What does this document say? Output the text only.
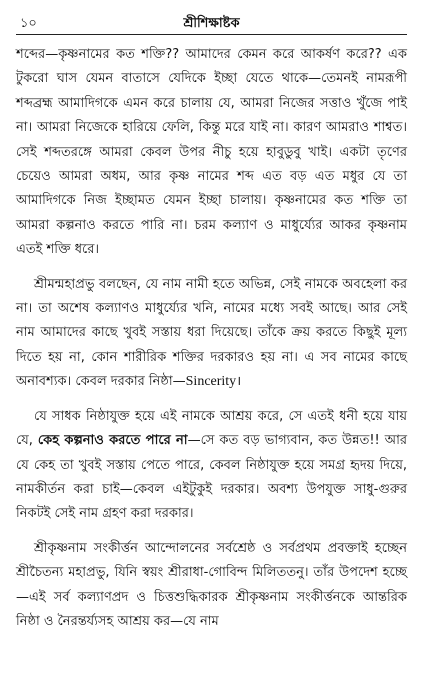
১০	শ্রীশিক্ষাষ্টক

শব্দের—কৃষ্ণনামের কত শক্তি?? আমাদের কেমন করে আকর্ষণ করে?? এক টুকরো ঘাস যেমন বাতাসে যেদিকে ইচ্ছা যেতে থাকে—তেমনই নামরূপী শব্দব্রহ্ম আমাদিগকে এমন করে চালায় যে, আমরা নিজের সত্তাও খুঁজে পাই না। আমরা নিজেকে হারিয়ে ফেলি, কিন্তু মরে যাই না। কারণ আমরাও শাশ্বত। সেই শব্দতরঙ্গে আমরা কেবল উপর নীচু হয়ে হাবুডুবু খাই। একটা তৃণের চেয়েও আমরা অধম, আর কৃষ্ণ নামের শব্দ এত বড় এত মধুর যে তা আমাদিগকে নিজ ইচ্ছামত যেমন ইচ্ছা চালায়। কৃষ্ণনামের কত শক্তি তা আমরা কল্পনাও করতে পারি না। চরম কল্যাণ ও মাধুর্য্যের আকর কৃষ্ণনাম এতই শক্তি ধরে।

শ্রীমন্মহাপ্রভু বলছেন, যে নাম নামী হতে অভিন্ন, সেই নামকে অবহেলা কর না। তা অশেষ কল্যাণও মাধুর্য্যের খনি, নামের মধ্যে সবই আছে। আর সেই নাম আমাদের কাছে খুবই সস্তায় ধরা দিয়েছে। তাঁকে ক্রয় করতে কিছুই মূল্য দিতে হয় না, কোন শারীরিক শক্তির দরকারও হয় না। এ সব নামের কাছে অনাবশ্যক। কেবল দরকার নিষ্ঠা—Sincerity।

যে সাধক নিষ্ঠাযুক্ত হয়ে এই নামকে আশ্রয় করে, সে এতই ধনী হয়ে যায় যে, কেহ কল্পনাও করতে পারে না—সে কত বড় ভাগ্যবান, কত উন্নত!! আর যে কেহ তা খুবই সস্তায় পেতে পারে, কেবল নিষ্ঠাযুক্ত হয়ে সমগ্র হৃদয় দিয়ে, নামকীর্তন করা চাই—কেবল এইটুকুই দরকার। অবশ্য উপযুক্ত সাধু-গুরুর নিকটই সেই নাম গ্রহণ করা দরকার।

শ্রীকৃষ্ণনাম সংকীর্ত্তন আন্দোলনের সর্বশ্রেষ্ঠ ও সর্বপ্রথম প্রবক্তাই হচ্ছেন শ্রীচৈতন্য মহাপ্রভু, যিনি স্বয়ং শ্রীরাধা-গোবিন্দ মিলিততনু। তাঁর উপদেশ হচ্ছে—এই সর্ব কল্যাণপ্রদ ও চিত্তশুদ্ধিকারক শ্রীকৃষ্ণনাম সংকীর্ত্তনকে আন্তরিক নিষ্ঠা ও নৈরন্তর্য্যসহ আশ্রয় কর—যে নাম
